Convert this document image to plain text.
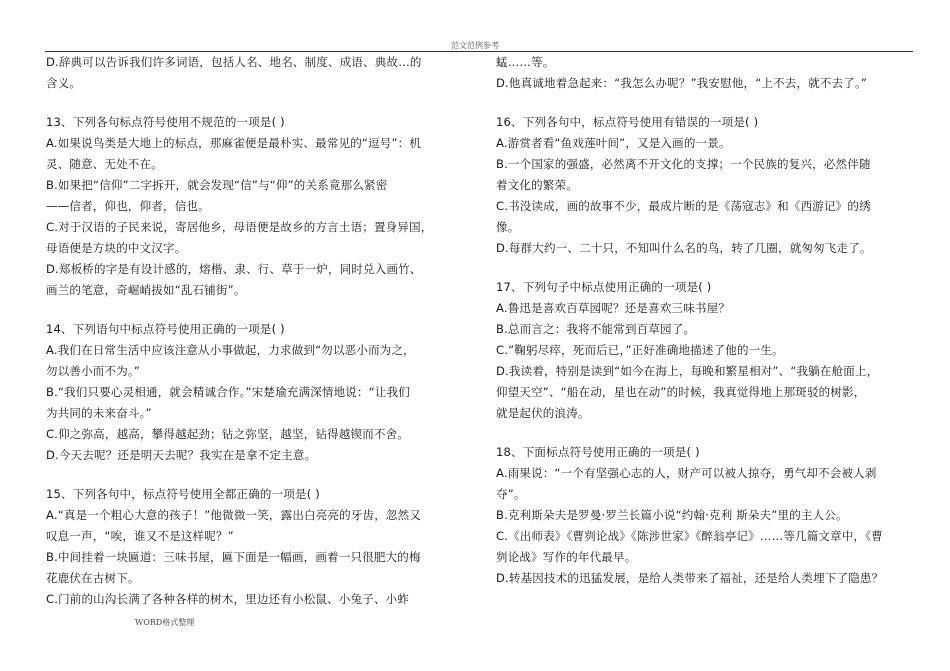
范文范例参考
D.辞典可以告诉我们许多词语，包括人名、地名、制度、成语、典故…的
含义。
13、下列各句标点符号使用不规范的一项是( )
A.如果说鸟类是大地上的标点，那麻雀便是最朴实、最常见的“逗号”：机
灵、随意、无处不在。
B.如果把“信仰”二字拆开，就会发现“信”与“仰”的关系竟那么紧密
——信者，仰也，仰者，信也。
C.对于汉语的子民来说，寄居他乡，母语便是故乡的方言土语；置身异国，
母语便是方块的中文汉字。
D.郑板桥的字是有设计感的，熔楷、隶、行、草于一炉，同时兑入画竹、
画兰的笔意，奇崛峭拔如“乱石铺街”。
14、下列语句中标点符号使用正确的一项是( )
A.我们在日常生活中应该注意从小事做起，力求做到“勿以恶小而为之，
勿以善小而不为。”
B.“我们只要心灵相通，就会精诚合作。”宋楚瑜充满深情地说：“让我们
为共同的未来奋斗。”
C.仰之弥高，越高，攀得越起劲；钻之弥坚，越坚，钻得越锲而不舍。
D.今天去呢？还是明天去呢？我实在是拿不定主意。
15、下列各句中，标点符号使用全都正确的一项是( )
A.“真是一个粗心大意的孩子！”他微微一笑，露出白亮亮的牙齿，忽然又
叹息一声，“唉，谁又不是这样呢？”
B.中间挂着一块匾道：三味书屋，匾下面是一幅画，画着一只很肥大的梅
花鹿伏在古树下。
C.门前的山沟长满了各种各样的树木，里边还有小松鼠、小兔子、小蚱
蜢……等。
D.他真诚地着急起来：“我怎么办呢？”我安慰他，“上不去，就不去了。”
16、下列各句中，标点符号使用有错误的一项是( )
A.游赏者看“鱼戏莲叶间”，又是入画的一景。
B.一个国家的强盛，必然离不开文化的支撑；一个民族的复兴，必然伴随
着文化的繁荣。
C.书没读成，画的故事不少，最成片断的是《荡寇志》和《西游记》的绣
像。
D.每群大约一、二十只，不知叫什么名的鸟，转了几圈，就匆匆飞走了。
17、下列句子中标点使用正确的一项是( )
A.鲁迅是喜欢百草园呢？还是喜欢三味书屋？
B.总而言之：我将不能常到百草园了。
C.“鞠躬尽瘁，死而后已，”正好准确地描述了他的一生。
D.我读着，特别是读到“如今在海上，每晚和繁星相对”、“我躺在舱面上，
仰望天空”、“船在动，星也在动”的时候，我真觉得地上那斑驳的树影，
就是起伏的浪涛。
18、下面标点符号使用正确的一项是( )
A.雨果说：“一个有坚强心志的人，财产可以被人掠夺，勇气却不会被人剥
夺”。
B.克利斯朵夫是罗曼·罗兰长篇小说“约翰·克利 斯朵夫”里的主人公。
C.《出师表》《曹刿论战》《陈涉世家》《醉翁亭记》……等几篇文章中，《曹
刿论战》写作的年代最早。
D.转基因技术的迅猛发展，是给人类带来了福祉，还是给人类埋下了隐患？
WORD格式整理
